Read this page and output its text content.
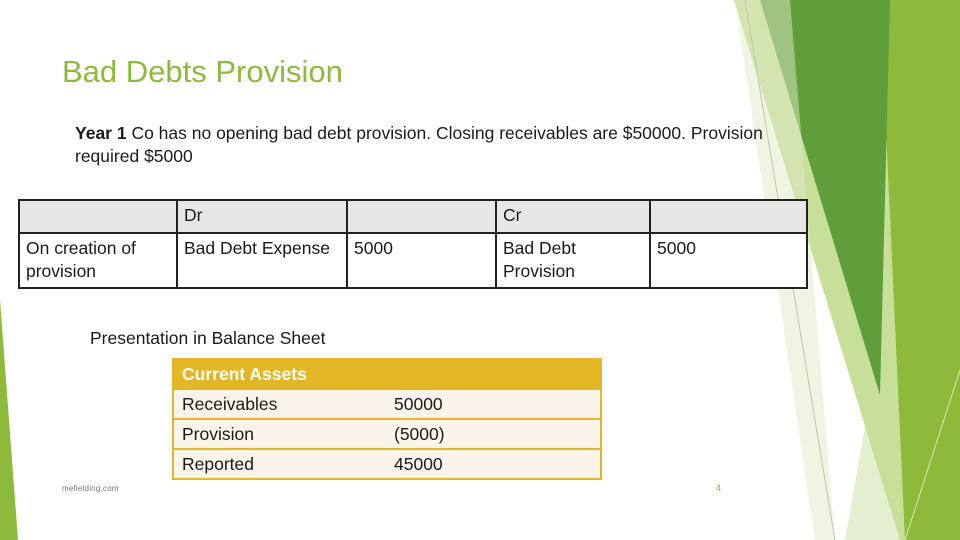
Bad Debts Provision
Year 1 Co has no opening bad debt provision. Closing receivables are $50000. Provision required $5000
	Dr		Cr	
On creation of provision	Bad Debt Expense	5000	Bad Debt Provision	5000
Presentation in Balance Sheet
Current Assets	
Receivables	50000
Provision	(5000)
Reported	45000
mefielding.com	4
